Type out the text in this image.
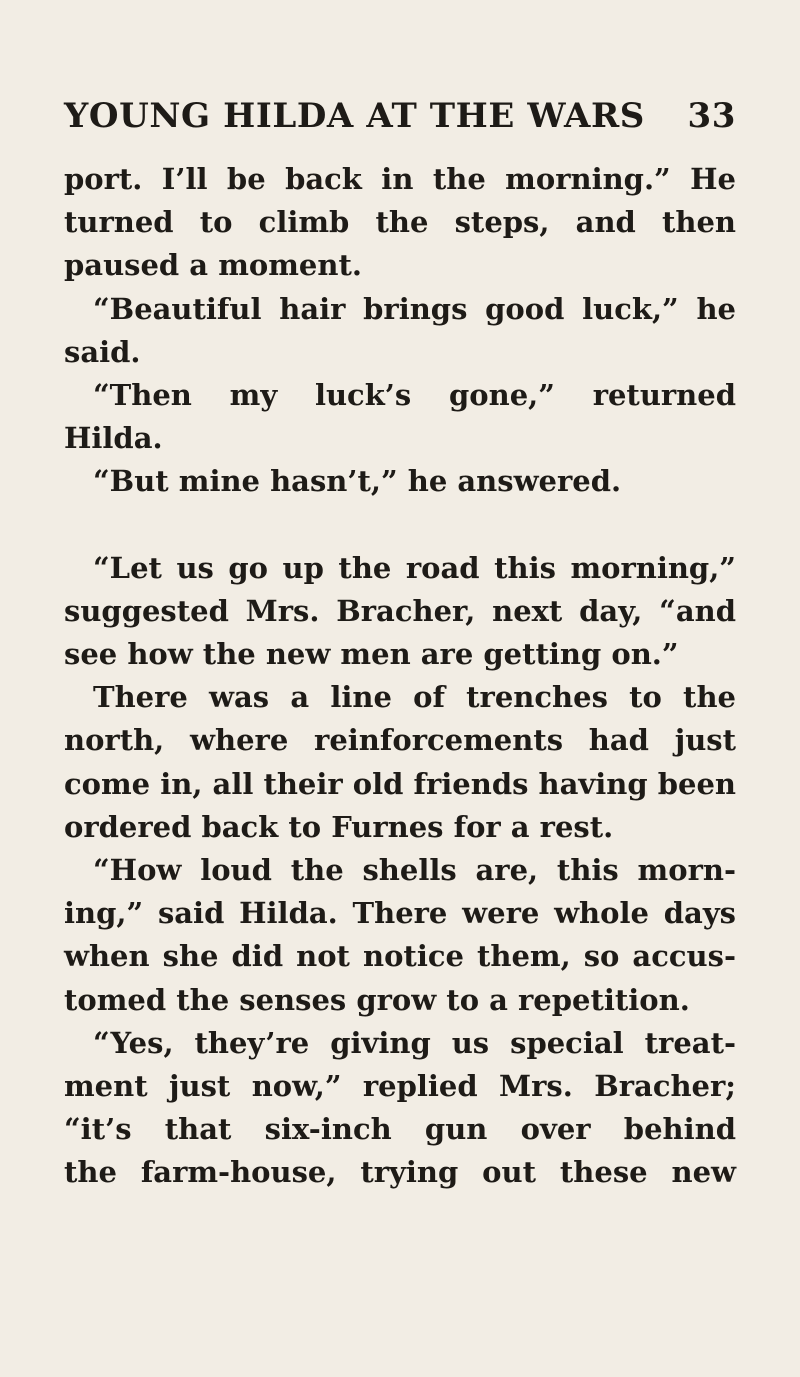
YOUNG HILDA AT THE WARS 33
port. I’ll be back in the morning.” He
turned to climb the steps, and then
paused a moment.
“Beautiful hair brings good luck,” he
said.
“Then my luck’s gone,” returned
Hilda.
“But mine hasn’t,” he answered.
“Let us go up the road this morning,”
suggested Mrs. Bracher, next day, “and
see how the new men are getting on.”
There was a line of trenches to the
north, where reinforcements had just
come in, all their old friends having been
ordered back to Furnes for a rest.
“How loud the shells are, this morn-
ing,” said Hilda. There were whole days
when she did not notice them, so accus-
tomed the senses grow to a repetition.
“Yes, they’re giving us special treat-
ment just now,” replied Mrs. Bracher;
“it’s that six-inch gun over behind
the farm-house, trying out these new
